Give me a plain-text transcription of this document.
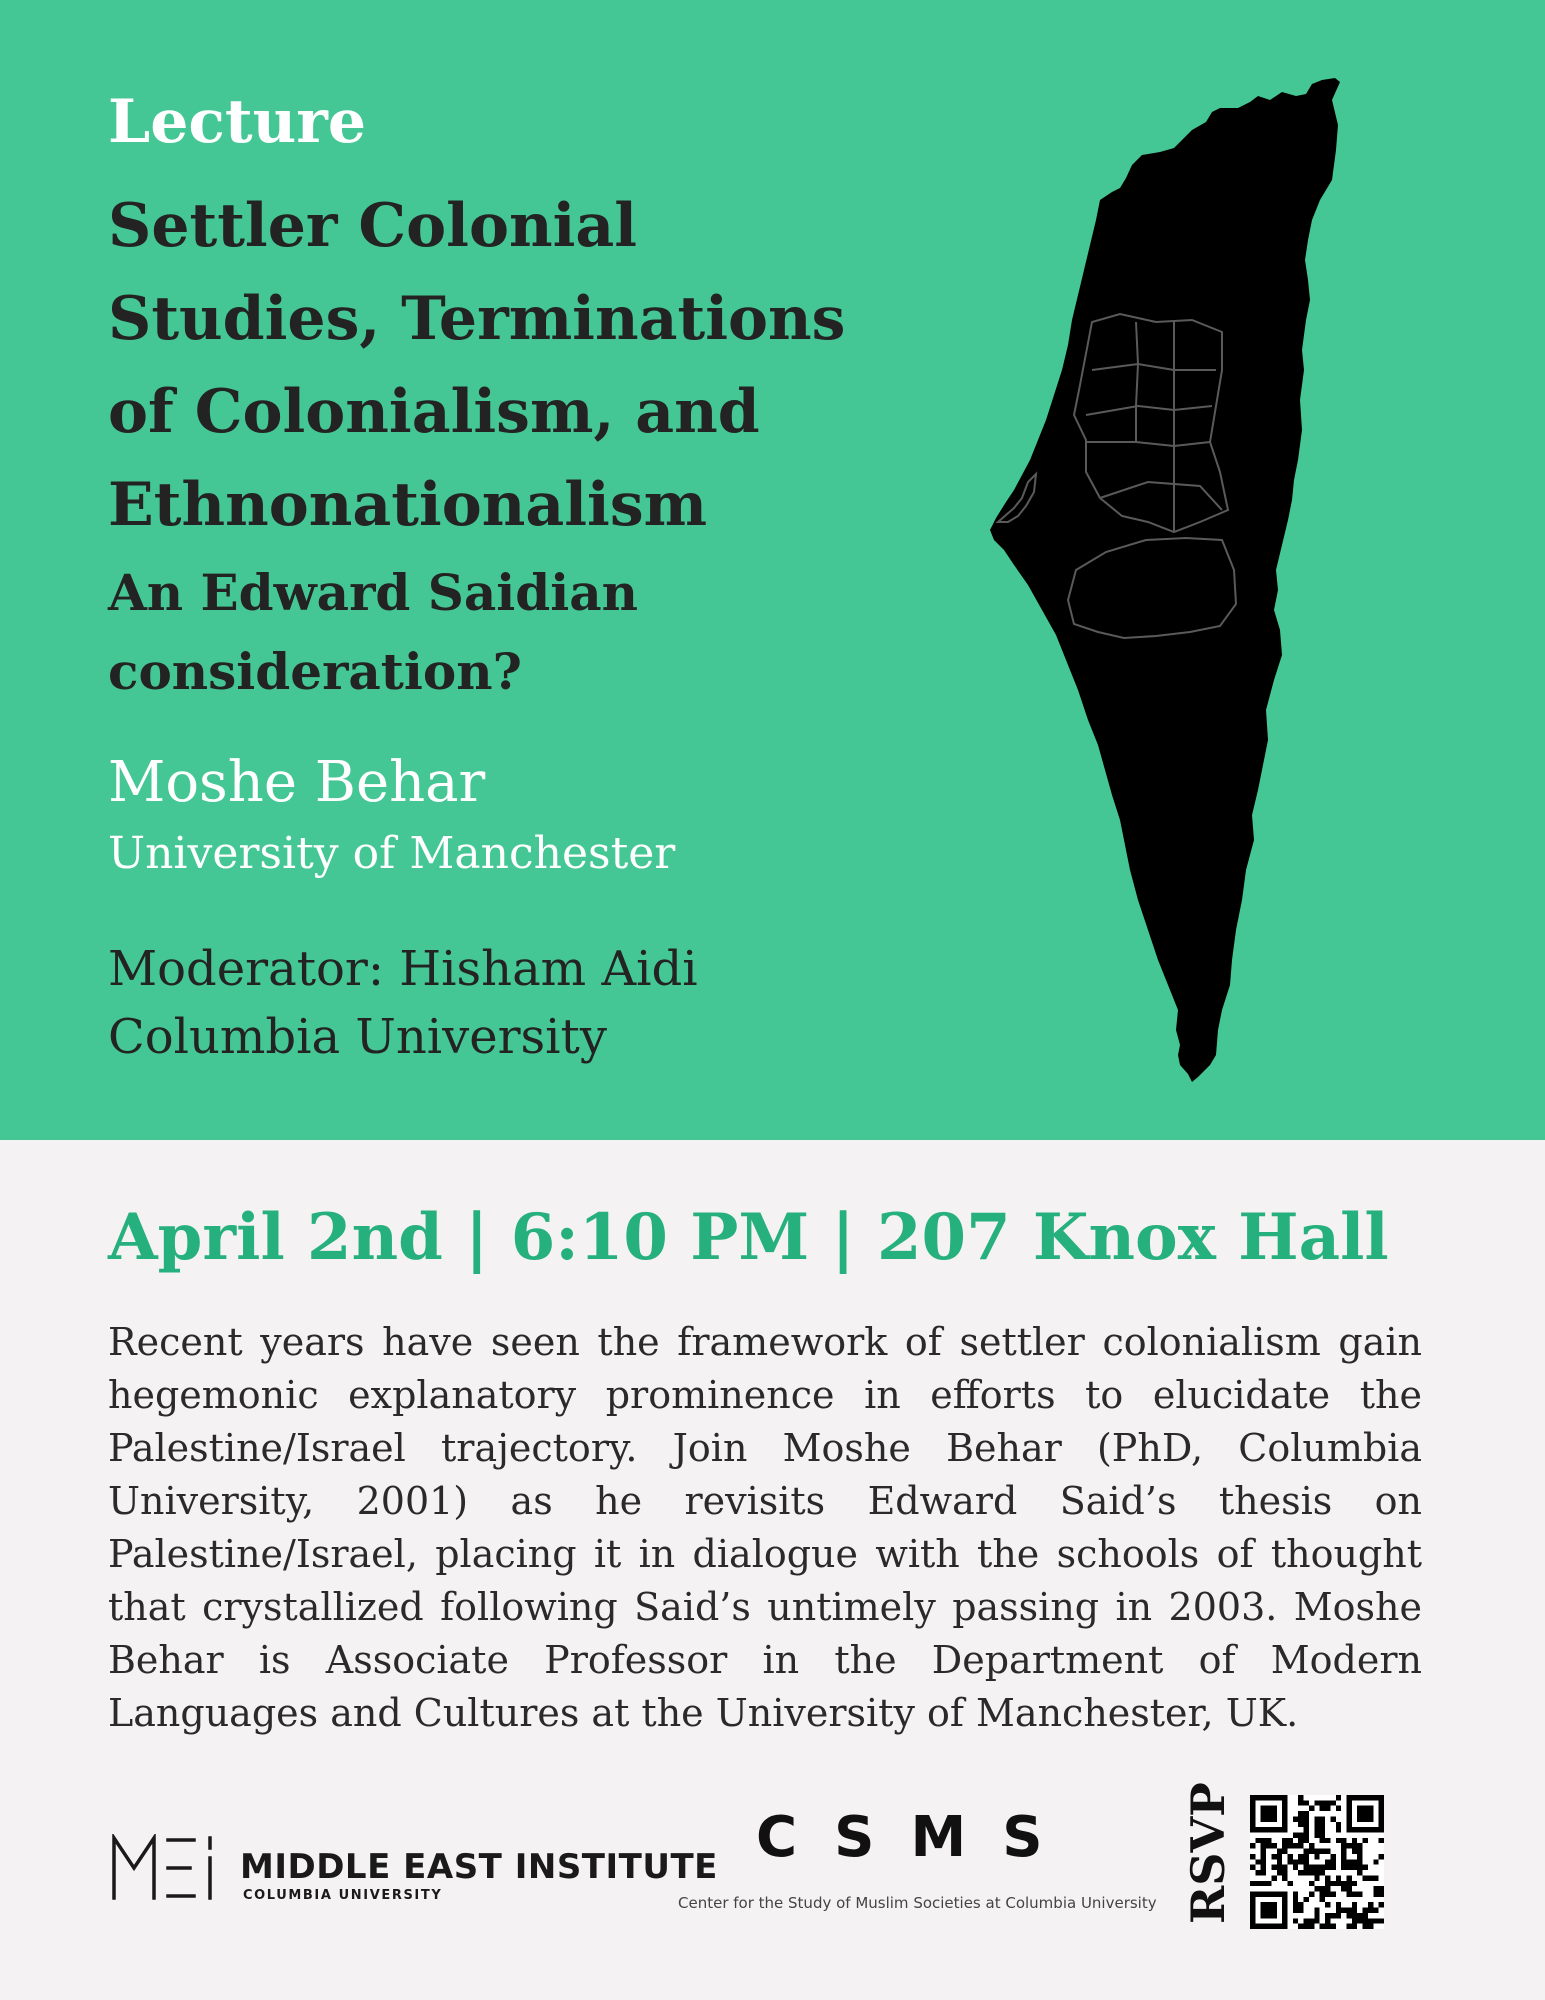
Lecture

Settler Colonial
Studies, Terminations
of Colonialism, and
Ethnonationalism

An Edward Saidian
consideration?

Moshe Behar

University of Manchester

Moderator: Hisham Aidi

Columbia University

April 2nd | 6:10 PM | 207 Knox Hall

Recent years have seen the framework of settler colonialism gain hegemonic explanatory prominence in efforts to elucidate the Palestine/Israel trajectory. Join Moshe Behar (PhD, Columbia University, 2001) as he revisits Edward Said’s thesis on Palestine/Israel, placing it in dialogue with the schools of thought that crystallized following Said’s untimely passing in 2003. Moshe Behar is Associate Professor in the Department of Modern Languages and Cultures at the University of Manchester, UK.

MIDDLE EAST INSTITUTE

COLUMBIA UNIVERSITY

CSMS

Center for the Study of Muslim Societies at Columbia University RSVP
